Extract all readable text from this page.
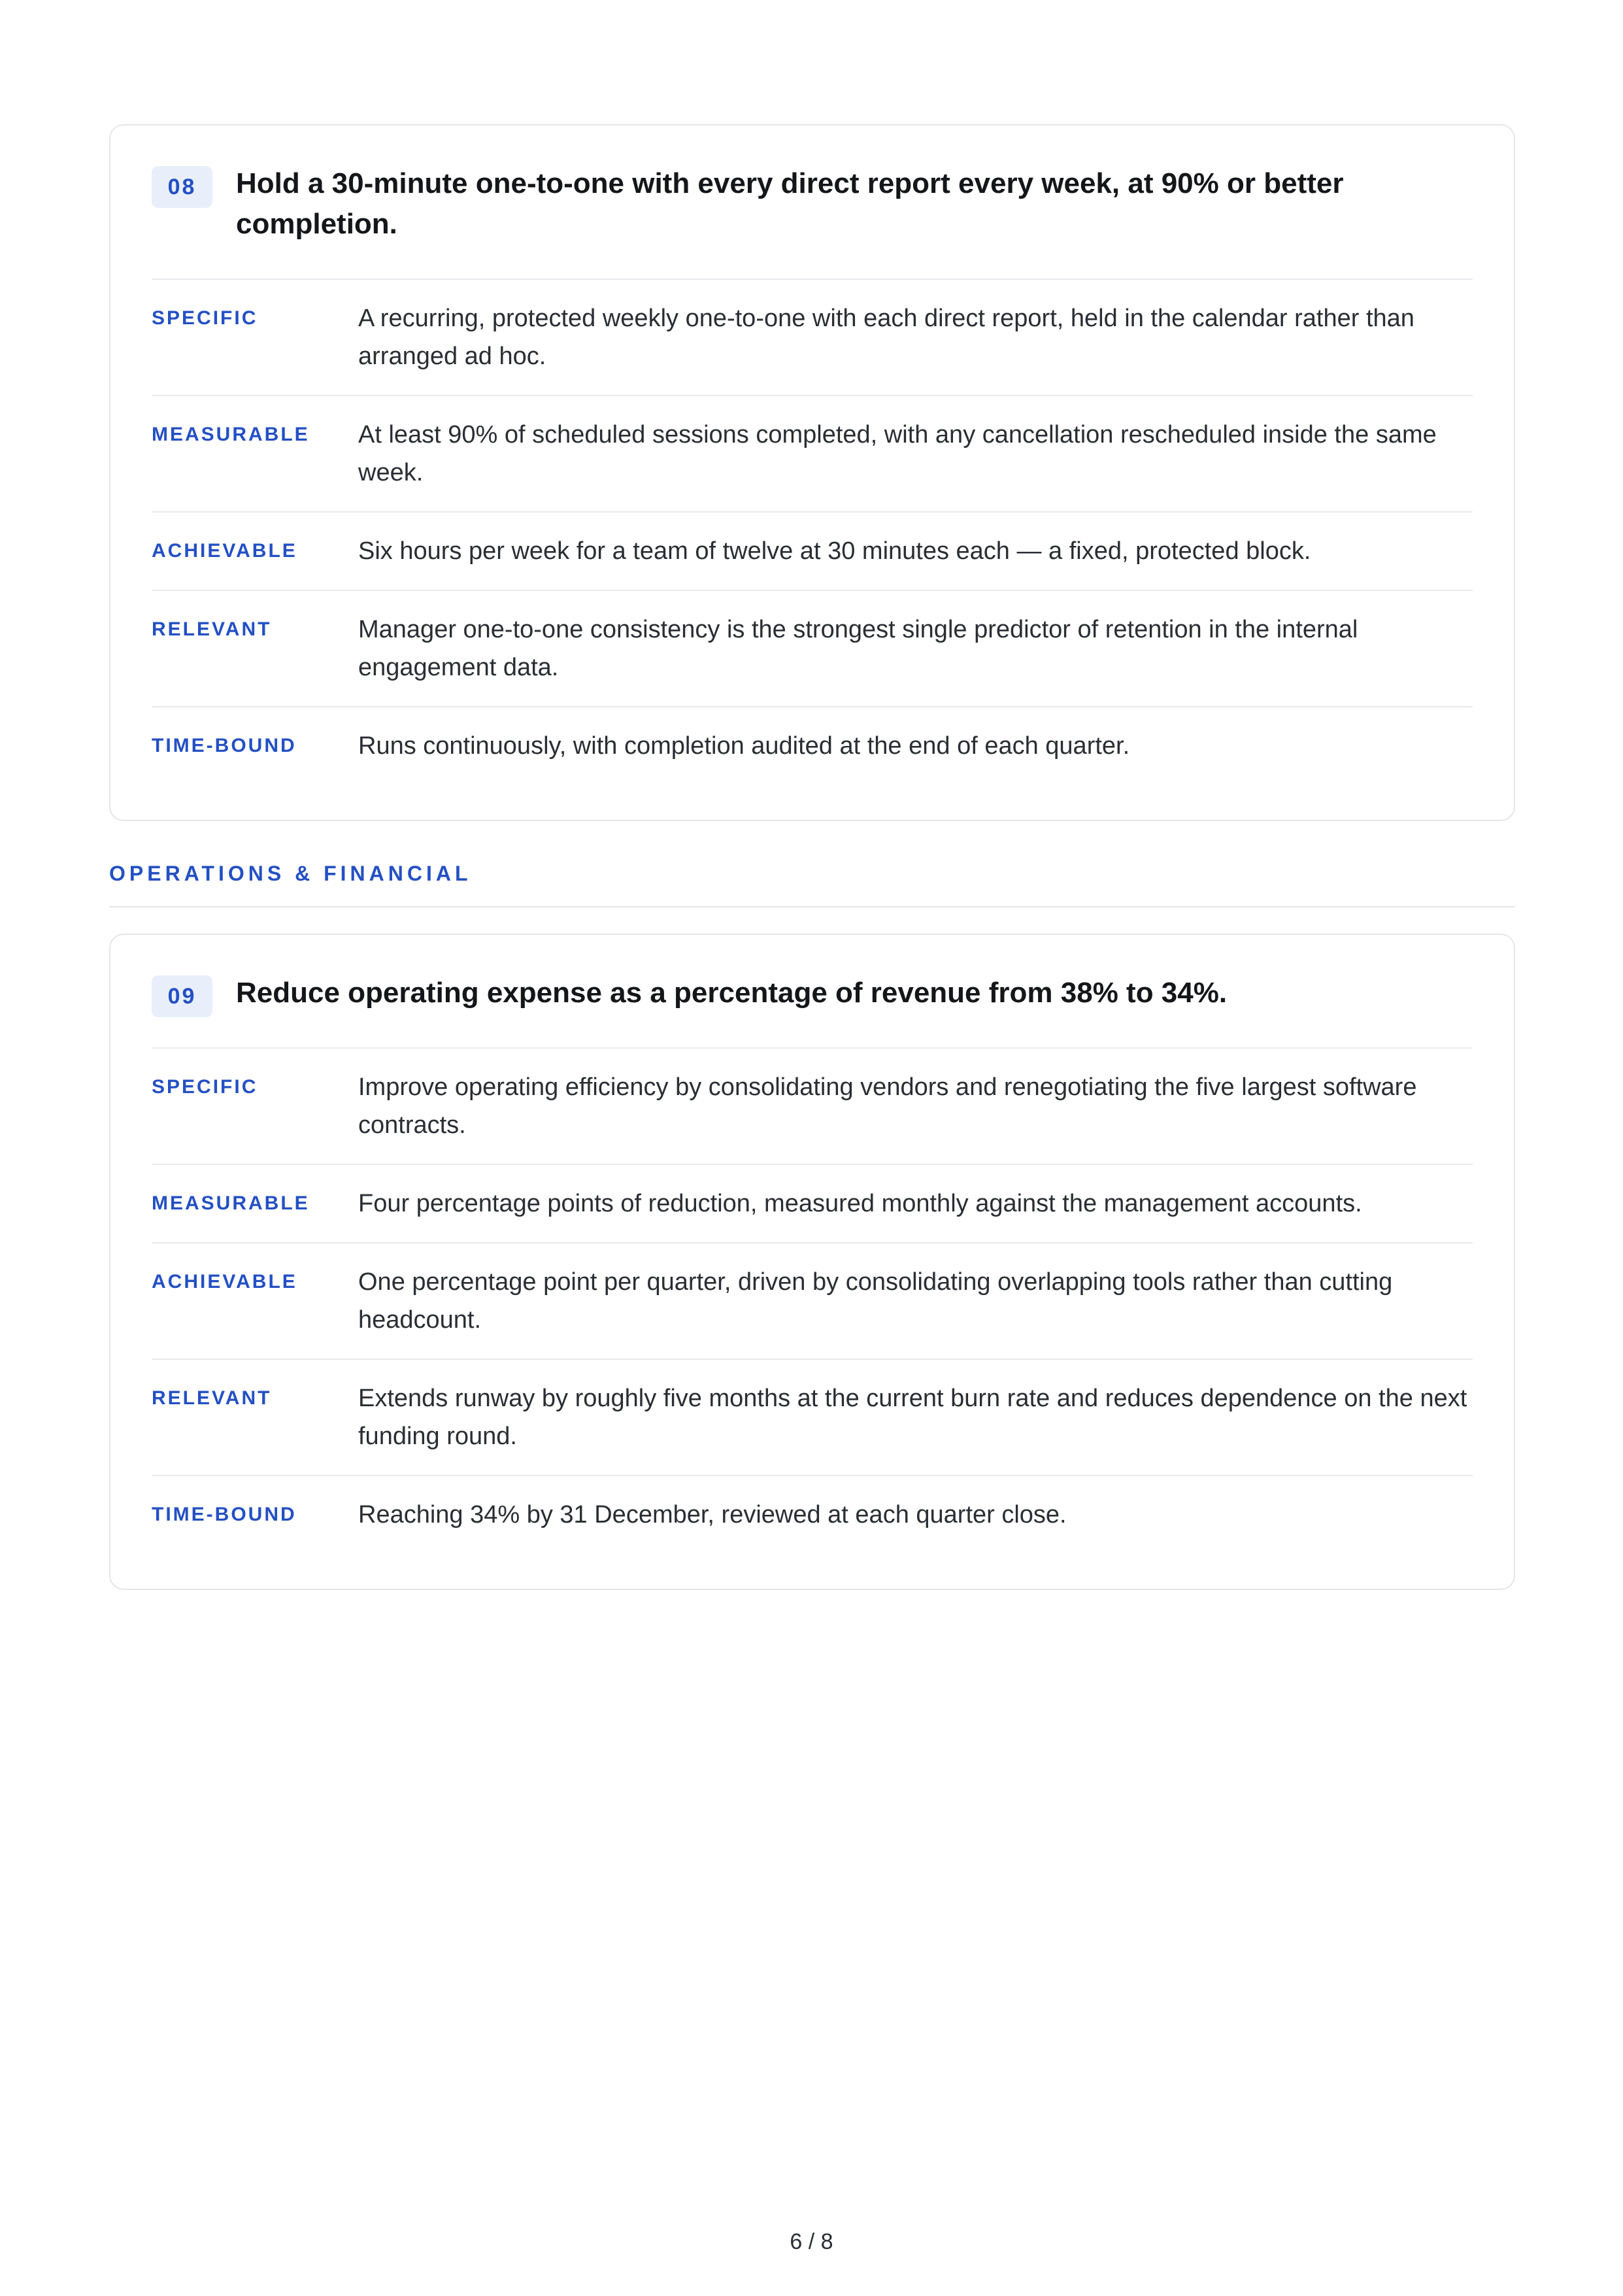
08	Hold a 30-minute one-to-one with every direct report every week, at 90% or better completion.
SPECIFIC	A recurring, protected weekly one-to-one with each direct report, held in the calendar rather than arranged ad hoc.
MEASURABLE	At least 90% of scheduled sessions completed, with any cancellation rescheduled inside the same week.
ACHIEVABLE	Six hours per week for a team of twelve at 30 minutes each — a fixed, protected block.
RELEVANT	Manager one-to-one consistency is the strongest single predictor of retention in the internal engagement data.
TIME-BOUND	Runs continuously, with completion audited at the end of each quarter.
OPERATIONS & FINANCIAL
09	Reduce operating expense as a percentage of revenue from 38% to 34%.
SPECIFIC	Improve operating efficiency by consolidating vendors and renegotiating the five largest software contracts.
MEASURABLE	Four percentage points of reduction, measured monthly against the management accounts.
ACHIEVABLE	One percentage point per quarter, driven by consolidating overlapping tools rather than cutting headcount.
RELEVANT	Extends runway by roughly five months at the current burn rate and reduces dependence on the next funding round.
TIME-BOUND	Reaching 34% by 31 December, reviewed at each quarter close.
6 / 8
